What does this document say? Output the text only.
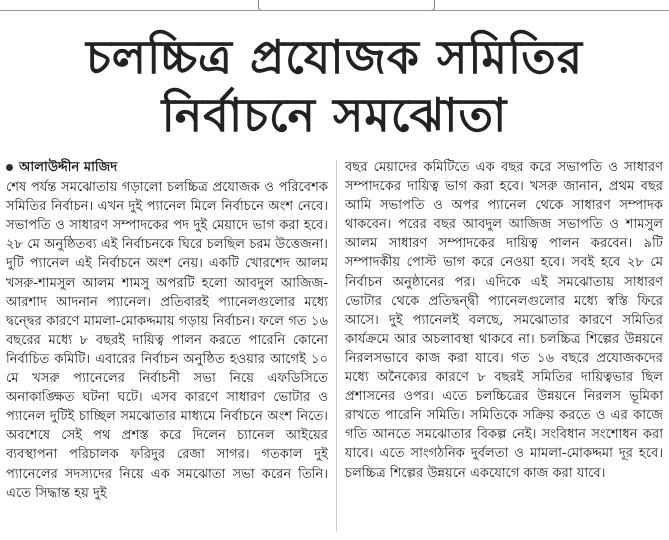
চলচ্চিত্র প্রযোজক সমিতির
নির্বাচনে সমঝোতা
আলাউদ্দীন মাজিদ

শেষ পর্যন্ত সমঝোতায় গড়ালো চলচ্চিত্র প্রযোজক ও পরিবেশক সমিতির নির্বাচন। এখন দুই প্যানেল মিলে নির্বাচনে অংশ নেবে। সভাপতি ও সাধারণ সম্পাদকের পদ দুই মেয়াদে ভাগ করা হবে। ২৮ মে অনুষ্ঠিতব্য এই নির্বাচনকে ঘিরে চলছিল চরম উত্তেজনা। দুটি প্যানেল এই নির্বাচনে অংশ নেয়। একটি খোরশেদ আলম খসরু-শামসুল আলম শামসু অপরটি হলো আবদুল আজিজ-আরশাদ আদনান প্যানেল। প্রতিবারই প্যানেলগুলোর মধ্যে দ্বন্দ্বের কারণে মামলা-মোকদ্দমায় গড়ায় নির্বাচন। ফলে গত ১৬ বছরের মধ্যে ৮ বছরই দায়িত্ব পালন করতে পারেনি কোনো নির্বাচিত কমিটি। এবারের নির্বাচন অনুষ্ঠিত হওয়ার আগেই ১০ মে খসরু প্যানেলের নির্বাচনী সভা নিয়ে এফডিসিতে অনাকাঙ্ক্ষিত ঘটনা ঘটে। এসব কারণে সাধারণ ভোটার ও প্যানেল দুটিই চাচ্ছিল সমঝোতার মাধ্যমে নির্বাচনে অংশ নিতে। অবশেষে সেই পথ প্রশস্ত করে দিলেন চ্যানেল আইয়ের ব্যবস্থাপনা পরিচালক ফরিদুর রেজা সাগর। গতকাল দুই প্যানেলের সদস্যদের নিয়ে এক সমঝোতা সভা করেন তিনি। এতে সিদ্ধান্ত হয় দুই

বছর মেয়াদের কমিটিতে এক বছর করে সভাপতি ও সাধারণ সম্পাদকের দায়িত্ব ভাগ করা হবে। খসরু জানান, প্রথম বছর আমি সভাপতি ও অপর প্যানেল থেকে সাধারণ সম্পাদক থাকবেন। পরের বছর আবদুল আজিজ সভাপতি ও শামসুল আলম সাধারণ সম্পাদকের দায়িত্ব পালন করবেন। ৯টি সম্পাদকীয় পোস্ট ভাগ করে নেওয়া হবে। সবই হবে ২৮ মে নির্বাচন অনুষ্ঠানের পর। এদিকে এই সমঝোতায় সাধারণ ভোটার থেকে প্রতিদ্বন্দ্বী প্যানেলগুলোর মধ্যে স্বস্তি ফিরে আসে। দুই প্যানেলই বলছে, সমঝোতার কারণে সমিতির কার্যক্রমে আর অচলাবস্থা থাকবে না। চলচ্চিত্র শিল্পের উন্নয়নে নিরলসভাবে কাজ করা যাবে। গত ১৬ বছরে প্রযোজকদের মধ্যে অনৈক্যের কারণে ৮ বছরই সমিতির দায়িত্বভার ছিল প্রশাসনের ওপর। এতে চলচ্চিত্রের উন্নয়নে নিরলস ভূমিকা রাখতে পারেনি সমিতি। সমিতিকে সক্রিয় করতে ও এর কাজে গতি আনতে সমঝোতার বিকল্প নেই। সংবিধান সংশোধন করা যাবে। এতে সাংগঠনিক দুর্বলতা ও মামলা-মোকদ্দমা দূর হবে। চলচ্চিত্র শিল্পের উন্নয়নে একযোগে কাজ করা যাবে।
